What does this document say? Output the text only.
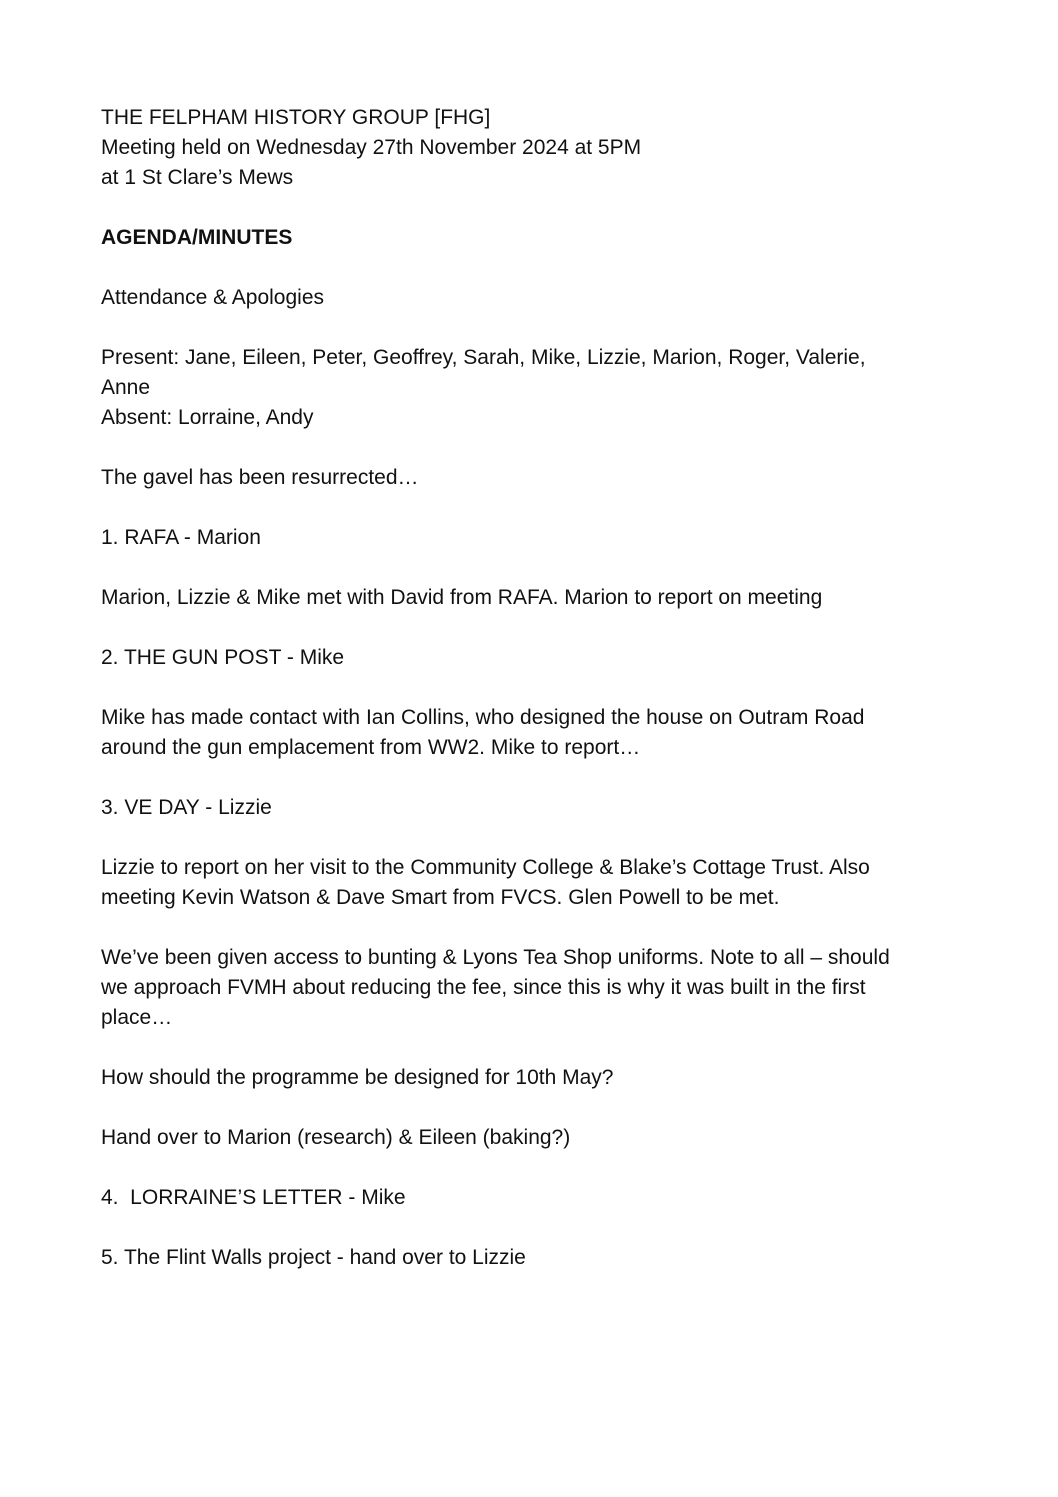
THE FELPHAM HISTORY GROUP [FHG]
Meeting held on Wednesday 27th November 2024 at 5PM
at 1 St Clare’s Mews
AGENDA/MINUTES
Attendance & Apologies
Present: Jane, Eileen, Peter, Geoffrey, Sarah, Mike, Lizzie, Marion, Roger, Valerie,
Anne
Absent: Lorraine, Andy
The gavel has been resurrected…
1. RAFA - Marion
Marion, Lizzie & Mike met with David from RAFA. Marion to report on meeting
2. THE GUN POST - Mike
Mike has made contact with Ian Collins, who designed the house on Outram Road
around the gun emplacement from WW2. Mike to report…
3. VE DAY - Lizzie
Lizzie to report on her visit to the Community College & Blake’s Cottage Trust. Also
meeting Kevin Watson & Dave Smart from FVCS. Glen Powell to be met.
We’ve been given access to bunting & Lyons Tea Shop uniforms. Note to all – should
we approach FVMH about reducing the fee, since this is why it was built in the first
place…
How should the programme be designed for 10th May?
Hand over to Marion (research) & Eileen (baking?)
4.  LORRAINE’S LETTER - Mike
5. The Flint Walls project - hand over to Lizzie
